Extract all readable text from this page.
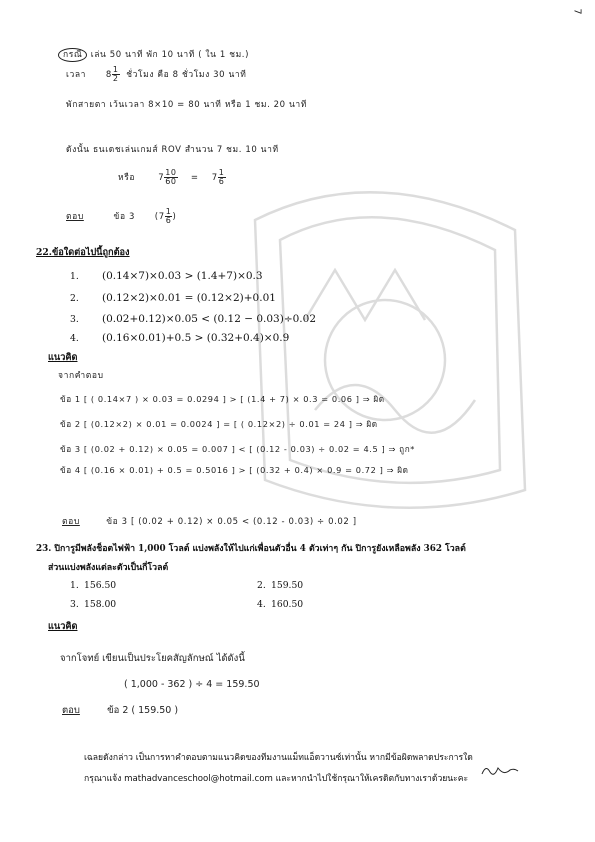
7
กรณี เล่น 50 นาที พัก 10 นาที ( ใน 1 ชม.)
เวลา $8 \frac{1}{2}$ ชั่วโมง คือ 8 ชั่วโมง 30 นาที
พักสายตา เว้นเวลา 8×10 = 80 นาที หรือ 1 ชม. 20 นาที
ดังนั้น ธนเดชเล่นเกมส์ ROV สำนวน 7 ชม. 10 นาที
หรือ	$7 \frac{10}{60} = 7 \frac{1}{6}$
ตอบ	ข้อ 3      ($7 \frac{1}{6}$ )
22.ข้อใดต่อไปนี้ถูกต้อง
1. (0.14×7)×0.03 > (1.4+7)×0.3
2. (0.12×2)×0.01 = (0.12×2)+0.01
3. (0.02+0.12)×0.05 < (0.12 − 0.03)÷0.02
4. (0.16×0.01)+0.5 > (0.32+0.4)×0.9
แนวคิด
จากคำตอบ
ข้อ 1 [ ( 0.14×7 ) × 0.03 = 0.0294 ] > [ (1.4 + 7) × 0.3 = 0.06 ] ⇒ ผิด
ข้อ 2 [ (0.12×2) × 0.01 = 0.0024 ] = [ ( 0.12×2) ÷ 0.01 = 24 ] ⇒ ผิด
ข้อ 3 [ (0.02 + 0.12) × 0.05 = 0.007 ] < [ (0.12 - 0.03) ÷ 0.02 = 4.5 ] ⇒ ถูก*
ข้อ 4 [ (0.16 × 0.01) + 0.5 = 0.5016 ] > [ (0.32 + 0.4) × 0.9 = 0.72 ] ⇒ ผิด
ตอบ	ข้อ 3 [ (0.02 + 0.12) × 0.05 < (0.12 - 0.03) ÷ 0.02 ]
23. ปิการูมีพลังช็อตไฟฟ้า 1,000 โวลต์ แบ่งพลังให้ไปแก่เพื่อนตัวอื่น 4 ตัวเท่าๆ กัน ปิการูยังเหลือพลัง 362 โวลต์
ส่วนแบ่งพลังแต่ละตัวเป็นกี่โวลต์
1. 156.50	2. 159.50
3. 158.00	4. 160.50
แนวคิด
จากโจทย์ เขียนเป็นประโยคสัญลักษณ์ ได้ดังนี้
( 1,000 - 362 ) ÷ 4 = 159.50
ตอบ	ข้อ 2 ( 159.50 )
เฉลยดังกล่าว เป็นการหาคำตอบตามแนวคิดของทีมงานแม็ทแอ็ดวานซ์เท่านั้น หากมีข้อผิดพลาดประการใด
กรุณาแจ้ง mathadvanceschool@hotmail.com และหากนำไปใช้กรุณาให้เครดิตกับทางเราด้วยนะคะ
